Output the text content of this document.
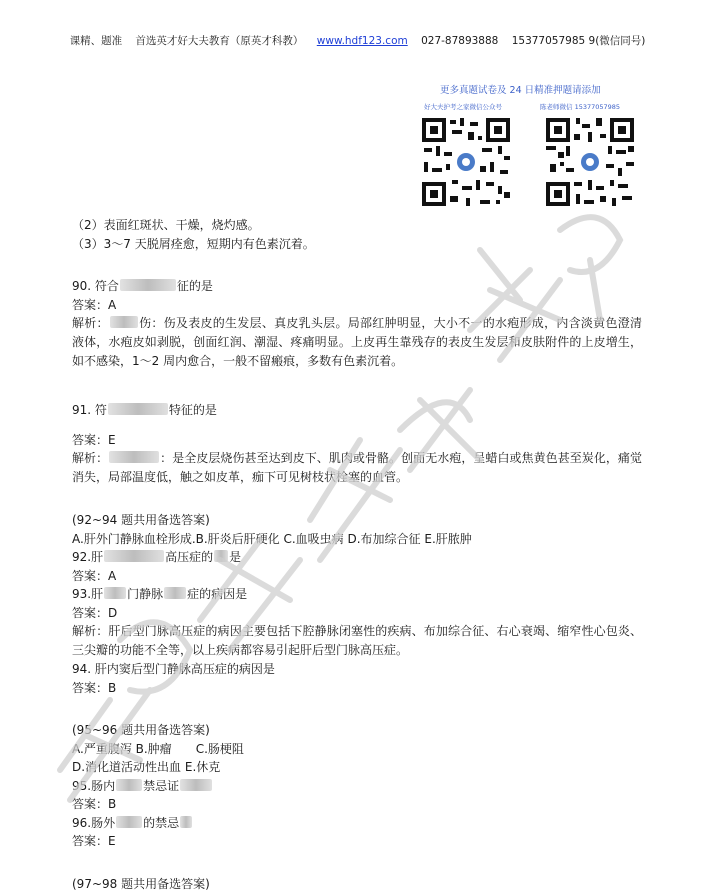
课精、题准 首选英才好大夫教育（原英才科教） www.hdf123.com 027-87893888 15377057985 9(微信同号)
更多真题试卷及 24 日精准押题请添加
好大夫护考之家微信公众号	陈老师微信 15377057985
（2）表面红斑状、干燥，烧灼感。
（3）3～7 天脱屑痊愈，短期内有色素沉着。
90. 符合	征的是
答案：A
解析：	伤：伤及表皮的生发层、真皮乳头层。局部红肿明显，大小不一的水疱形成，内含淡黄色澄清液体，水疱皮如剥脱，创面红润、潮湿、疼痛明显。上皮再生靠残存的表皮生发层和皮肤附件的上皮增生，如不感染，1～2 周内愈合，一般不留瘢痕，多数有色素沉着。
91. 符	特征的是
答案：E
解析：	：是全皮层烧伤甚至达到皮下、肌肉或骨骼。创面无水疱，呈蜡白或焦黄色甚至炭化，痛觉消失，局部温度低，触之如皮革，痂下可见树枝状栓塞的血管。
(92~94 题共用备选答案)
A.肝外门静脉血栓形成.B.肝炎后肝硬化 C.血吸虫病 D.布加综合征 E.肝脓肿
92.肝	高压症的 是
答案：A
93.肝 门静脉 症的病因是
答案：D
解析：肝后型门脉高压症的病因主要包括下腔静脉闭塞性的疾病、布加综合征、右心衰竭、缩窄性心包炎、三尖瓣的功能不全等，以上疾病都容易引起肝后型门脉高压症。
94. 肝内窦后型门静脉高压症的病因是
答案：B
(95~96 题共用备选答案)
A.严重腹泻 B.肿瘤 C.肠梗阻
D.消化道活动性出血 E.休克
95.肠内 禁忌证
答案：B
96.肠外 的禁忌
答案：E
(97~98 题共用备选答案)
